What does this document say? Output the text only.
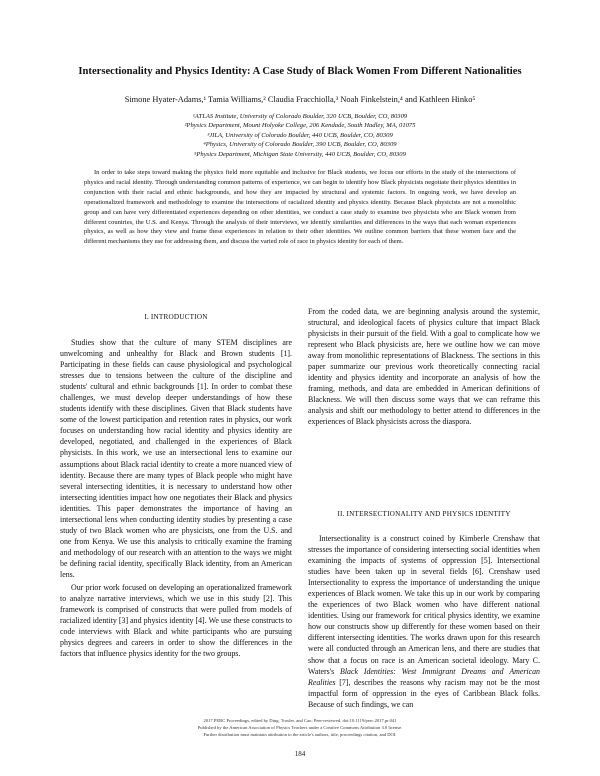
Intersectionality and Physics Identity: A Case Study of Black Women From Different Nationalities
Simone Hyater-Adams,¹ Tamia Williams,² Claudia Fracchiolla,³ Noah Finkelstein,⁴ and Kathleen Hinko⁵
¹ATLAS Institute, University of Colorado Boulder, 320 UCB, Boulder, CO, 80309
²Physics Department, Mount Holyoke College, 206 Kendade, South Hadley, MA, 01075
³JILA, University of Colorado Boulder, 440 UCB, Boulder, CO, 80309
⁴Physics, University of Colorado Boulder, 390 UCB, Boulder, CO, 80309
⁵Physics Department, Michigan State University, 440 UCB, Boulder, CO, 80309

In order to take steps toward making the physics field more equitable and inclusive for Black students, we focus our efforts in the study of the intersections of physics and racial identity. Through understanding common patterns of experience, we can begin to identify how Black physicists negotiate their physics identities in conjunction with their racial and ethnic backgrounds, and how they are impacted by structural and systemic factors. In ongoing work, we have develop an operationalized framework and methodology to examine the intersections of racialized identity and physics identity. Because Black physicists are not a monolithic group and can have very differentiated experiences depending on other identities, we conduct a case study to examine two physicists who are Black women from different countries, the U.S. and Kenya. Through the analysis of their interviews, we identify similarities and differences in the ways that each woman experiences physics, as well as how they view and frame these experiences in relation to their other identities. We outline common barriers that these women face and the different mechanisms they use for addressing them, and discuss the varied role of race in physics identity for each of them.

I. INTRODUCTION

Studies show that the culture of many STEM disciplines are unwelcoming and unhealthy for Black and Brown students [1]. Participating in these fields can cause physiological and psychological stresses due to tensions between the culture of the discipline and students' cultural and ethnic backgrounds [1]. In order to combat these challenges, we must develop deeper understandings of how these students identify with these disciplines. Given that Black students have some of the lowest participation and retention rates in physics, our work focuses on understanding how racial identity and physics identity are developed, negotiated, and challenged in the experiences of Black physicists. In this work, we use an intersectional lens to examine our assumptions about Black racial identity to create a more nuanced view of identity. Because there are many types of Black people who might have several intersecting identities, it is necessary to understand how other intersecting identities impact how one negotiates their Black and physics identities. This paper demonstrates the importance of having an intersectional lens when conducting identity studies by presenting a case study of two Black women who are physicists, one from the U.S. and one from Kenya. We use this analysis to critically examine the framing and methodology of our research with an attention to the ways we might be defining racial identity, specifically Black identity, from an American lens.

Our prior work focused on developing an operationalized framework to analyze narrative interviews, which we use in this study [2]. This framework is comprised of constructs that were pulled from models of racialized identity [3] and physics identity [4]. We use these constructs to code interviews with Black and white participants who are pursuing physics degrees and careers in order to show the differences in the factors that influence physics identity for the two groups.

From the coded data, we are beginning analysis around the systemic, structural, and ideological facets of physics culture that impact Black physicists in their pursuit of the field. With a goal to complicate how we represent who Black physicists are, here we outline how we can move away from monolithic representations of Blackness. The sections in this paper summarize our previous work theoretically connecting racial identity and physics identity and incorporate an analysis of how the framing, methods, and data are embedded in American definitions of Blackness. We will then discuss some ways that we can reframe this analysis and shift our methodology to better attend to differences in the experiences of Black physicists across the diaspora.

II. INTERSECTIONALITY AND PHYSICS IDENTITY

Intersectionality is a construct coined by Kimberle Crenshaw that stresses the importance of considering intersecting social identities when examining the impacts of systems of oppression [5]. Intersectional studies have been taken up in several fields [6]. Crenshaw used Intersectionality to express the importance of understanding the unique experiences of Black women. We take this up in our work by comparing the experiences of two Black women who have different national identities. Using our framework for critical physics identity, we examine how our constructs show up differently for these women based on their different intersecting identities. The works drawn upon for this research were all conducted through an American lens, and there are studies that show that a focus on race is an American societal ideology. Mary C. Waters's Black Identities: West Immigrant Dreams and American Realities [7], describes the reasons why racism may not be the most impactful form of oppression in the eyes of Caribbean Black folks. Because of such findings, we can

2017 PERC Proceedings, edited by Ding, Traxler, and Cao; Peer-reviewed, doi:10.1119/perc.2017.pr.041
Published by the American Association of Physics Teachers under a Creative Commons Attribution 3.0 license.
Further distribution must maintain attribution to the article's authors, title, proceedings citation, and DOI.
184
